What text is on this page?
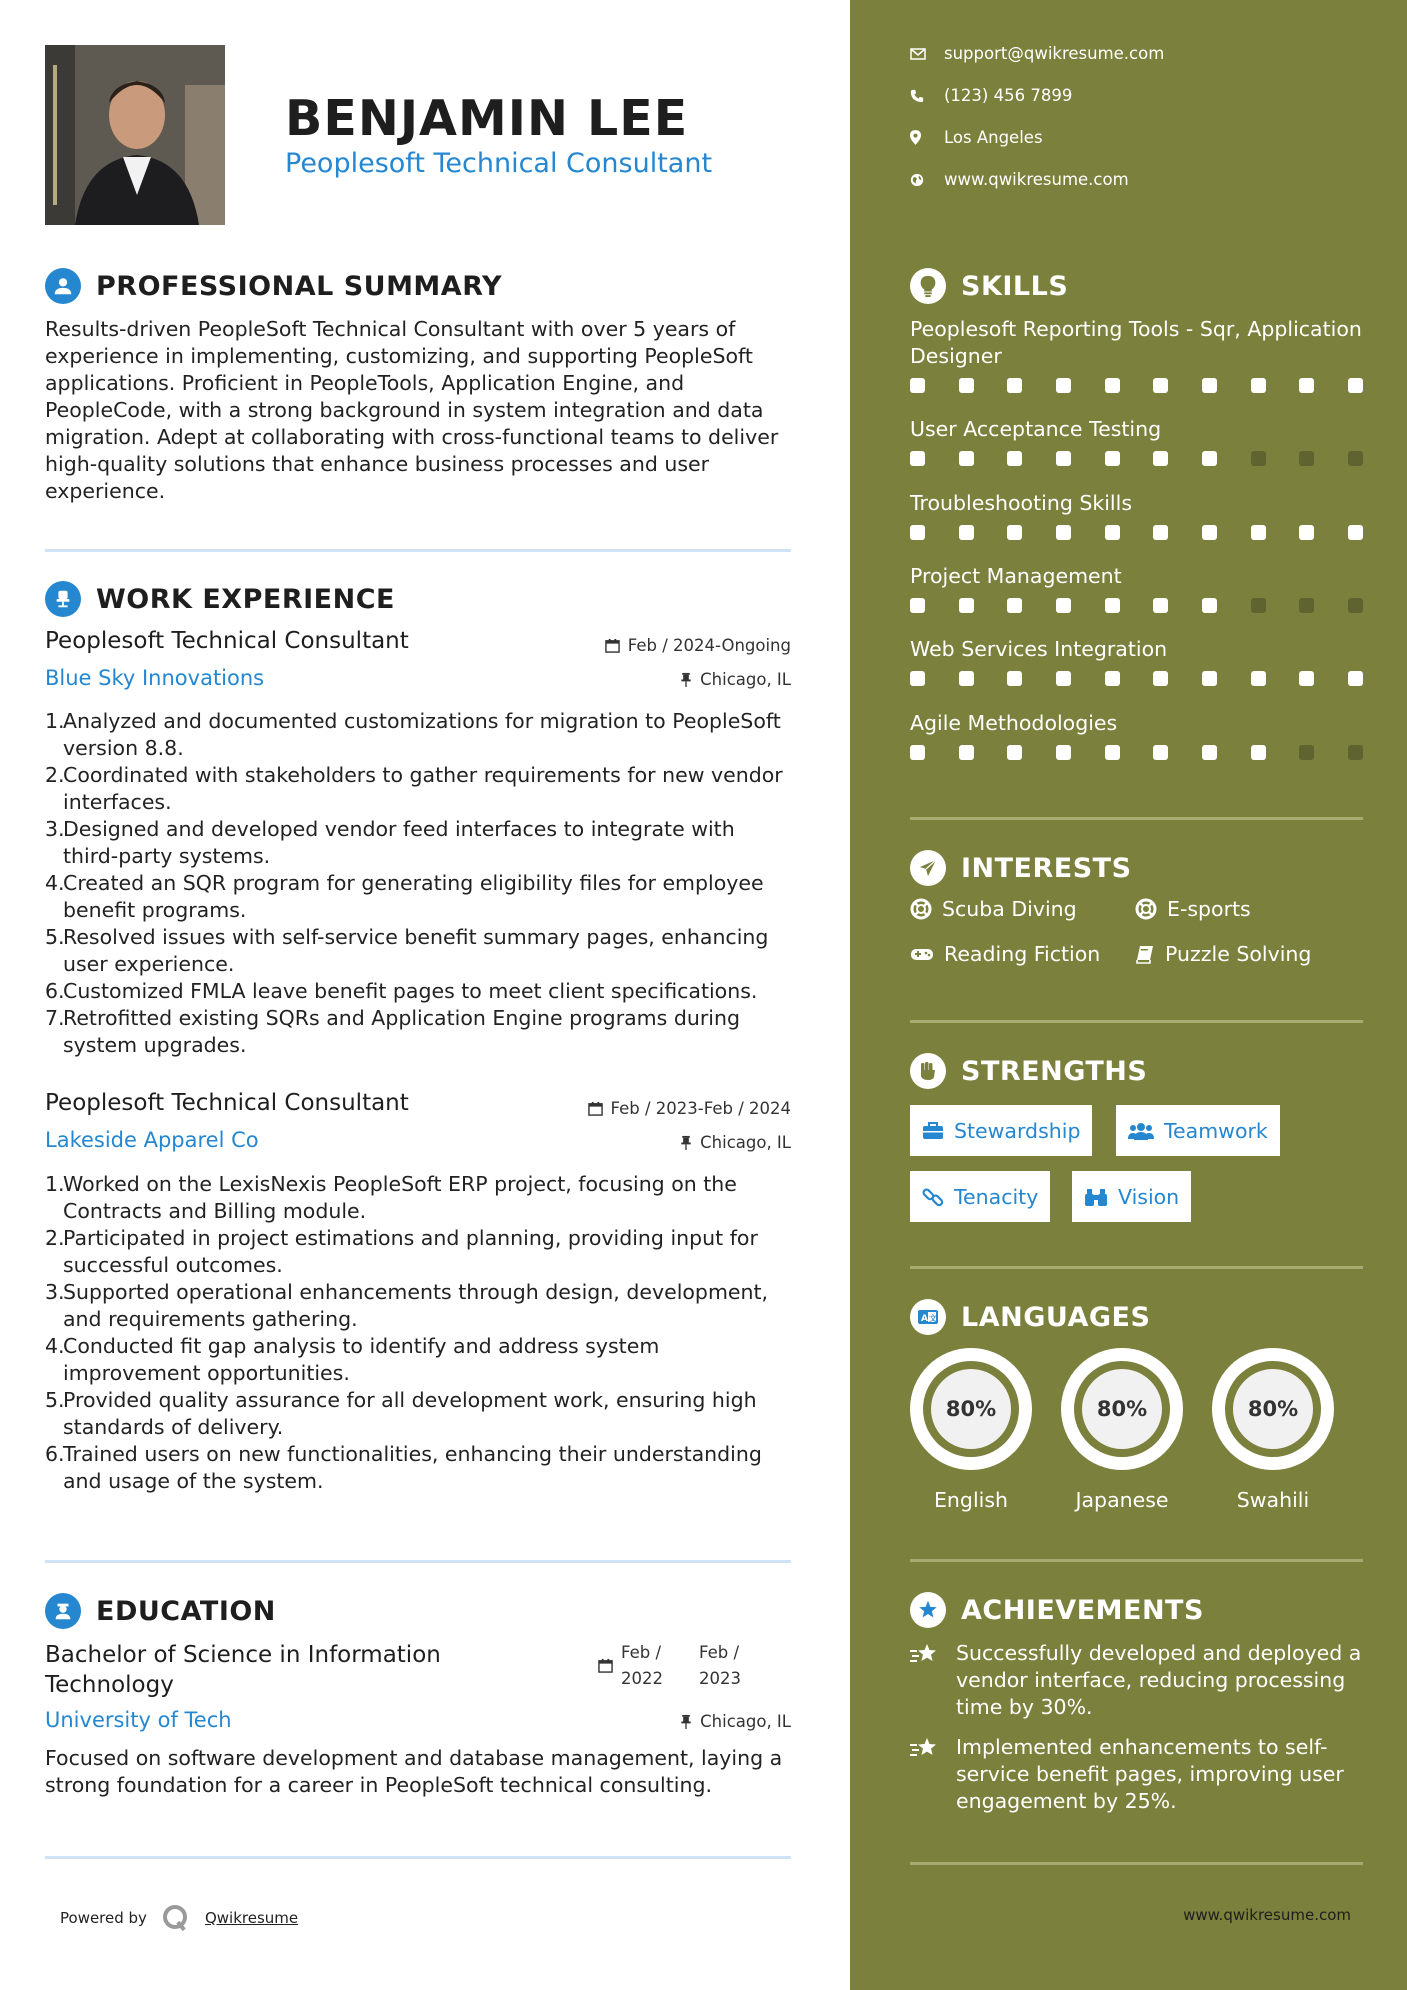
BENJAMIN LEE
Peoplesoft Technical Consultant
PROFESSIONAL SUMMARY
Results-driven PeopleSoft Technical Consultant with over 5 years of experience in implementing, customizing, and supporting PeopleSoft applications. Proficient in PeopleTools, Application Engine, and PeopleCode, with a strong background in system integration and data migration. Adept at collaborating with cross-functional teams to deliver high-quality solutions that enhance business processes and user experience.
WORK EXPERIENCE
Peoplesoft Technical Consultant	Feb / 2024-Ongoing
Blue Sky Innovations	Chicago, IL
1.
Analyzed and documented customizations for migration to PeopleSoft version 8.8.
2.
Coordinated with stakeholders to gather requirements for new vendor interfaces.
3.
Designed and developed vendor feed interfaces to integrate with third-party systems.
4.
Created an SQR program for generating eligibility files for employee benefit programs.
5.
Resolved issues with self-service benefit summary pages, enhancing user experience.
6.
Customized FMLA leave benefit pages to meet client specifications.
7.
Retrofitted existing SQRs and Application Engine programs during system upgrades.
Peoplesoft Technical Consultant	Feb / 2023-Feb / 2024
Lakeside Apparel Co	Chicago, IL
1.
Worked on the LexisNexis PeopleSoft ERP project, focusing on the Contracts and Billing module.
2.
Participated in project estimations and planning, providing input for successful outcomes.
3.
Supported operational enhancements through design, development, and requirements gathering.
4.
Conducted fit gap analysis to identify and address system improvement opportunities.
5.
Provided quality assurance for all development work, ensuring high standards of delivery.
6.
Trained users on new functionalities, enhancing their understanding and usage of the system.
EDUCATION
Bachelor of Science in Information Technology
Feb / 2022
Feb / 2023
University of Tech	Chicago, IL
Focused on software development and database management, laying a strong foundation for a career in PeopleSoft technical consulting.
Powered by	Qwikresume
support@qwikresume.com
(123) 456 7899
Los Angeles
www.qwikresume.com
SKILLS
Peoplesoft Reporting Tools - Sqr, Application Designer
User Acceptance Testing
Troubleshooting Skills
Project Management
Web Services Integration
Agile Methodologies
INTERESTS
Scuba Diving	E-sports
Reading Fiction	Puzzle Solving
STRENGTHS
Stewardship	Teamwork
Tenacity	Vision
A 文 LANGUAGES
80%
English
80%
Japanese
80%
Swahili
ACHIEVEMENTS
Successfully developed and deployed a vendor interface, reducing processing time by 30%.
Implemented enhancements to self-service benefit pages, improving user engagement by 25%.
www.qwikresume.com
